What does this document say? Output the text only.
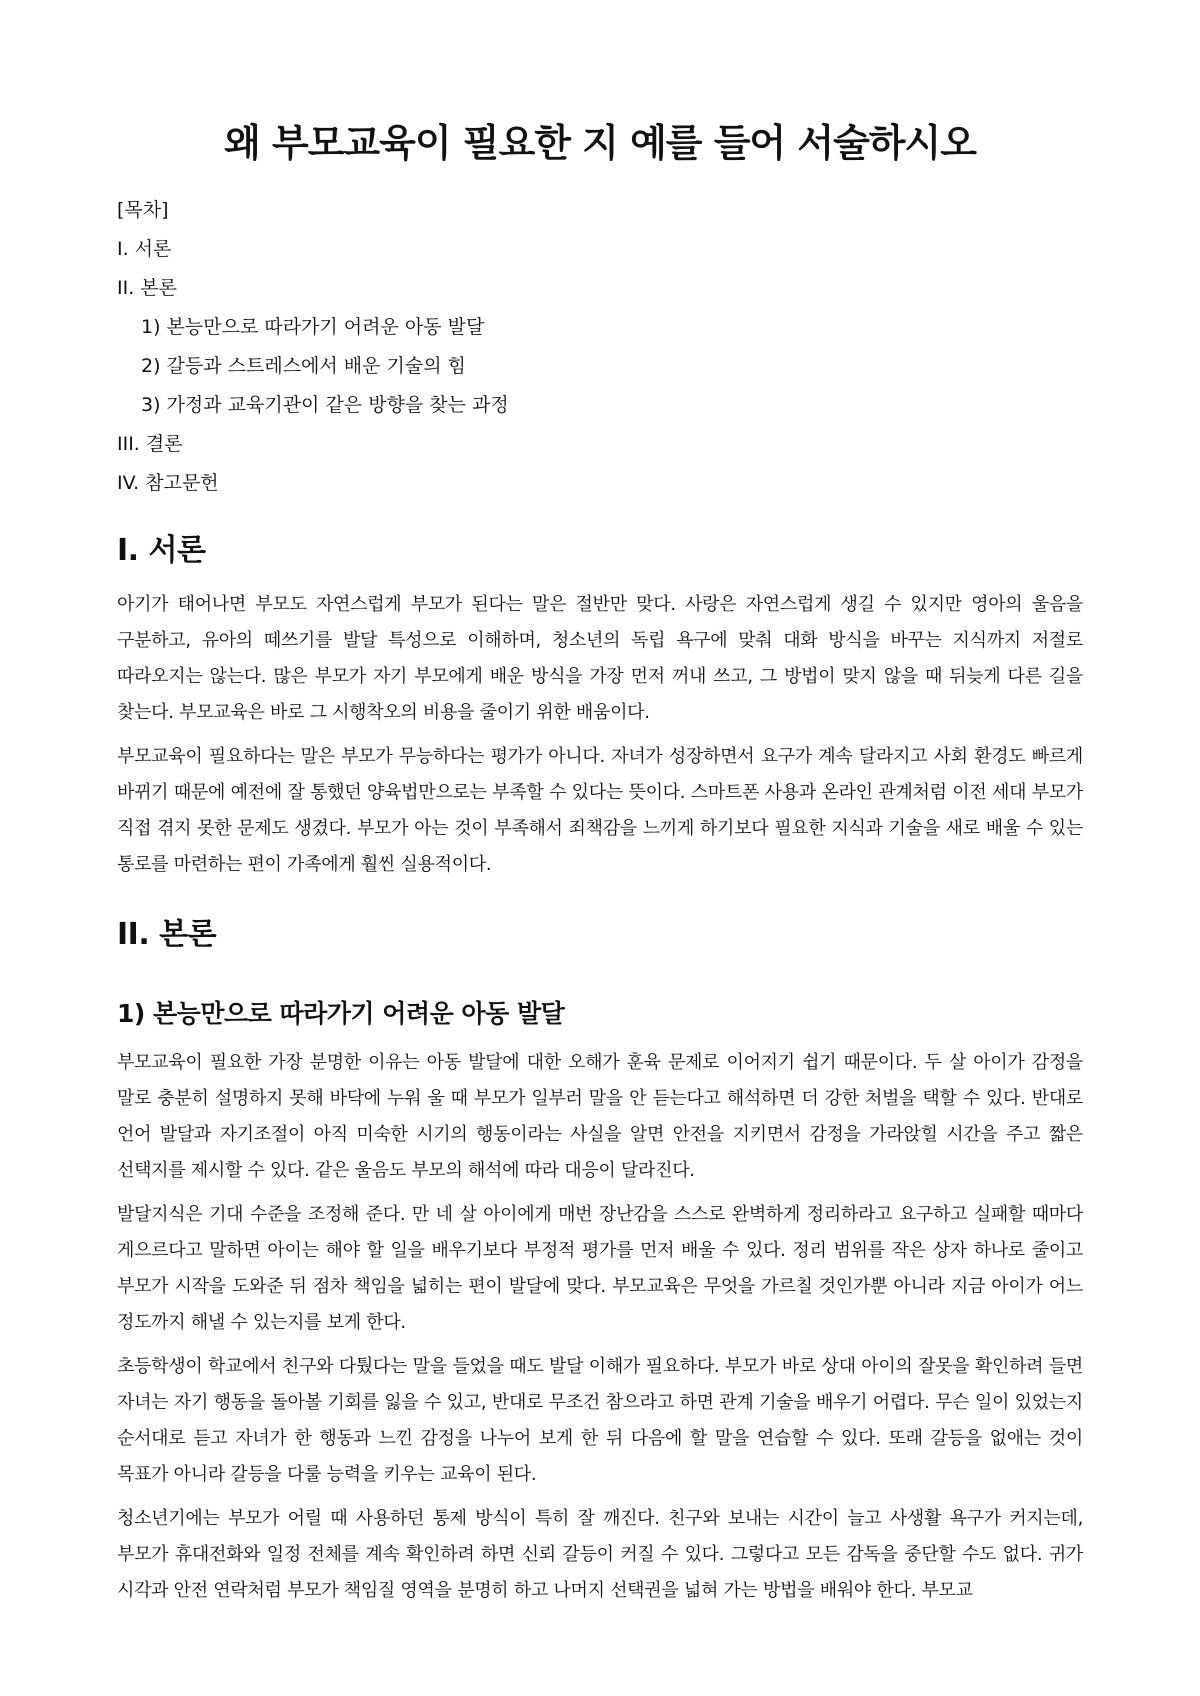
왜 부모교육이 필요한 지 예를 들어 서술하시오
[목차]
I. 서론
II. 본론
1) 본능만으로 따라가기 어려운 아동 발달
2) 갈등과 스트레스에서 배운 기술의 힘
3) 가정과 교육기관이 같은 방향을 찾는 과정
III. 결론
IV. 참고문헌
I. 서론

아기가 태어나면 부모도 자연스럽게 부모가 된다는 말은 절반만 맞다. 사랑은 자연스럽게 생길 수 있지만 영아의 울음을 구분하고, 유아의 떼쓰기를 발달 특성으로 이해하며, 청소년의 독립 욕구에 맞춰 대화 방식을 바꾸는 지식까지 저절로 따라오지는 않는다. 많은 부모가 자기 부모에게 배운 방식을 가장 먼저 꺼내 쓰고, 그 방법이 맞지 않을 때 뒤늦게 다른 길을 찾는다. 부모교육은 바로 그 시행착오의 비용을 줄이기 위한 배움이다.

부모교육이 필요하다는 말은 부모가 무능하다는 평가가 아니다. 자녀가 성장하면서 요구가 계속 달라지고 사회 환경도 빠르게 바뀌기 때문에 예전에 잘 통했던 양육법만으로는 부족할 수 있다는 뜻이다. 스마트폰 사용과 온라인 관계처럼 이전 세대 부모가 직접 겪지 못한 문제도 생겼다. 부모가 아는 것이 부족해서 죄책감을 느끼게 하기보다 필요한 지식과 기술을 새로 배울 수 있는 통로를 마련하는 편이 가족에게 훨씬 실용적이다.

II. 본론
1) 본능만으로 따라가기 어려운 아동 발달

부모교육이 필요한 가장 분명한 이유는 아동 발달에 대한 오해가 훈육 문제로 이어지기 쉽기 때문이다. 두 살 아이가 감정을 말로 충분히 설명하지 못해 바닥에 누워 울 때 부모가 일부러 말을 안 듣는다고 해석하면 더 강한 처벌을 택할 수 있다. 반대로 언어 발달과 자기조절이 아직 미숙한 시기의 행동이라는 사실을 알면 안전을 지키면서 감정을 가라앉힐 시간을 주고 짧은 선택지를 제시할 수 있다. 같은 울음도 부모의 해석에 따라 대응이 달라진다.

발달지식은 기대 수준을 조정해 준다. 만 네 살 아이에게 매번 장난감을 스스로 완벽하게 정리하라고 요구하고 실패할 때마다 게으르다고 말하면 아이는 해야 할 일을 배우기보다 부정적 평가를 먼저 배울 수 있다. 정리 범위를 작은 상자 하나로 줄이고 부모가 시작을 도와준 뒤 점차 책임을 넓히는 편이 발달에 맞다. 부모교육은 무엇을 가르칠 것인가뿐 아니라 지금 아이가 어느 정도까지 해낼 수 있는지를 보게 한다.

초등학생이 학교에서 친구와 다퉜다는 말을 들었을 때도 발달 이해가 필요하다. 부모가 바로 상대 아이의 잘못을 확인하려 들면 자녀는 자기 행동을 돌아볼 기회를 잃을 수 있고, 반대로 무조건 참으라고 하면 관계 기술을 배우기 어렵다. 무슨 일이 있었는지 순서대로 듣고 자녀가 한 행동과 느낀 감정을 나누어 보게 한 뒤 다음에 할 말을 연습할 수 있다. 또래 갈등을 없애는 것이 목표가 아니라 갈등을 다룰 능력을 키우는 교육이 된다.

청소년기에는 부모가 어릴 때 사용하던 통제 방식이 특히 잘 깨진다. 친구와 보내는 시간이 늘고 사생활 욕구가 커지는데, 부모가 휴대전화와 일정 전체를 계속 확인하려 하면 신뢰 갈등이 커질 수 있다. 그렇다고 모든 감독을 중단할 수도 없다. 귀가 시각과 안전 연락처럼 부모가 책임질 영역을 분명히 하고 나머지 선택권을 넓혀 가는 방법을 배워야 한다. 부모교
